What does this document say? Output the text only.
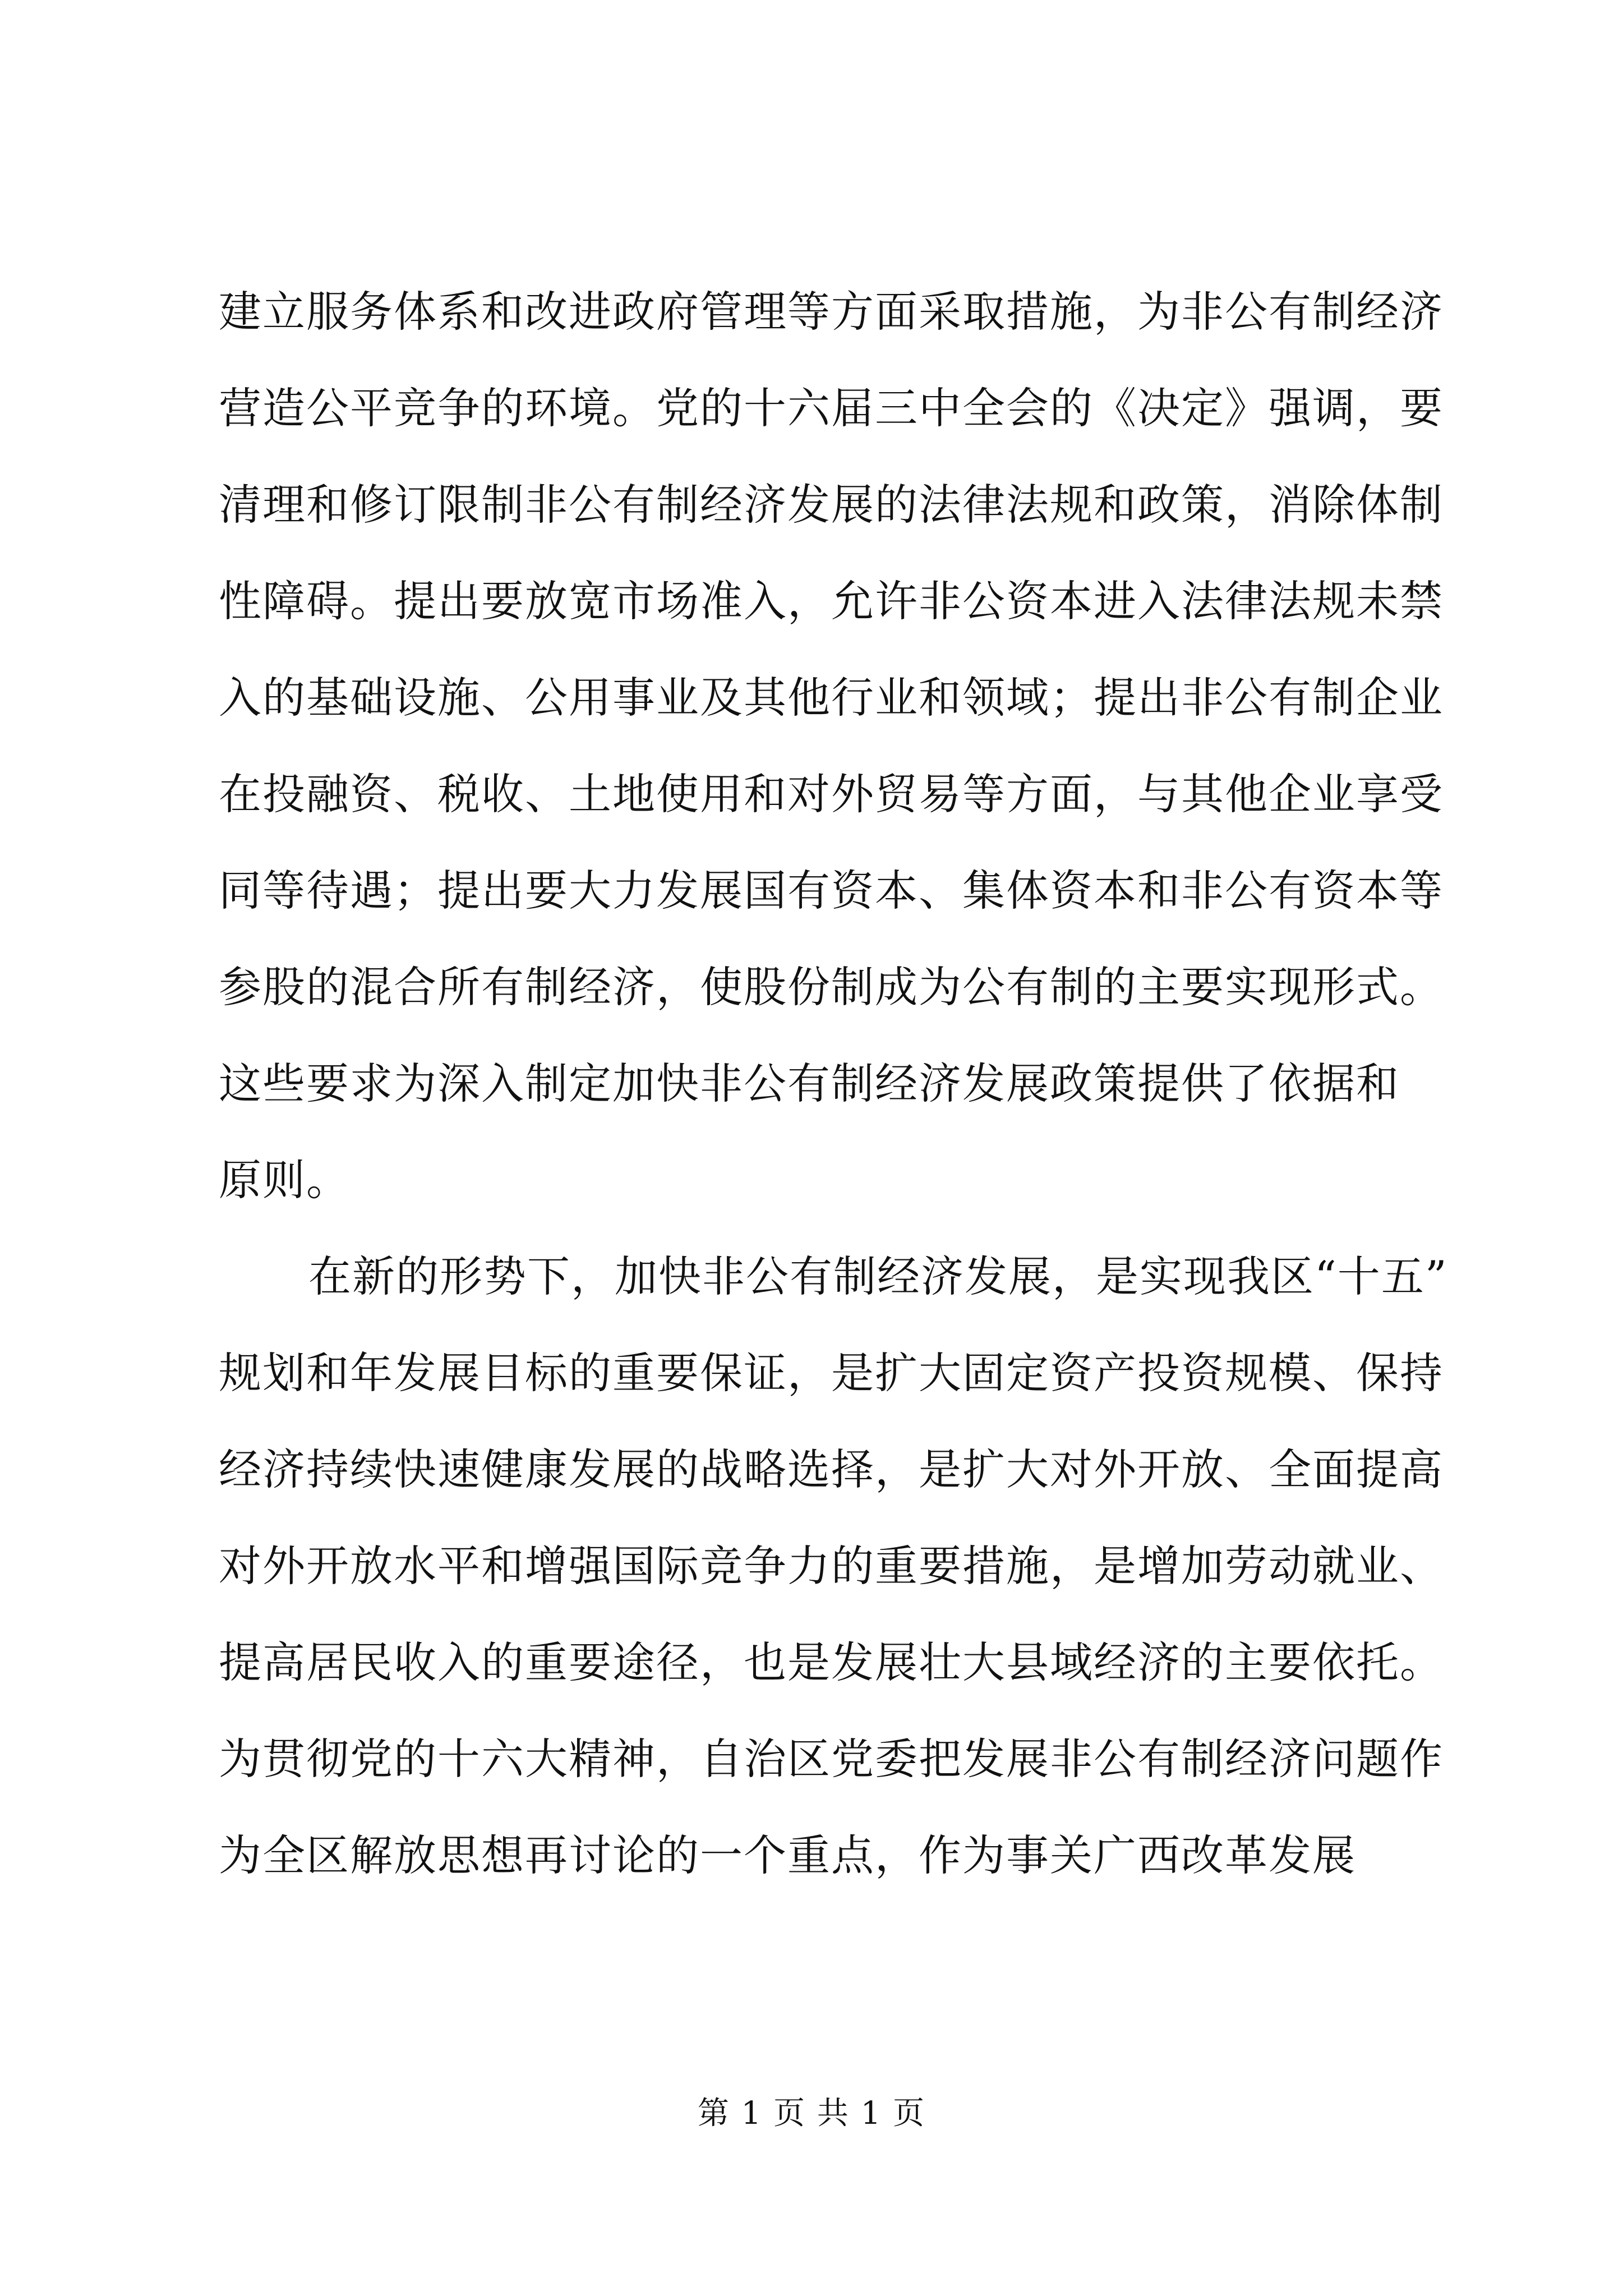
建立服务体系和改进政府管理等方面采取措施，为非公有制经济
营造公平竞争的环境。党的十六届三中全会的《决定》强调，要
清理和修订限制非公有制经济发展的法律法规和政策，消除体制
性障碍。提出要放宽市场准入，允许非公资本进入法律法规未禁
入的基础设施、公用事业及其他行业和领域；提出非公有制企业
在投融资、税收、土地使用和对外贸易等方面，与其他企业享受
同等待遇；提出要大力发展国有资本、集体资本和非公有资本等
参股的混合所有制经济，使股份制成为公有制的主要实现形式。
这些要求为深入制定加快非公有制经济发展政策提供了依据和
原则。
在新的形势下，加快非公有制经济发展，是实现我区“十五”
规划和年发展目标的重要保证，是扩大固定资产投资规模、保持
经济持续快速健康发展的战略选择，是扩大对外开放、全面提高
对外开放水平和增强国际竞争力的重要措施，是增加劳动就业、
提高居民收入的重要途径，也是发展壮大县域经济的主要依托。
为贯彻党的十六大精神，自治区党委把发展非公有制经济问题作
为全区解放思想再讨论的一个重点，作为事关广西改革发展
第 1 页 共 1 页
